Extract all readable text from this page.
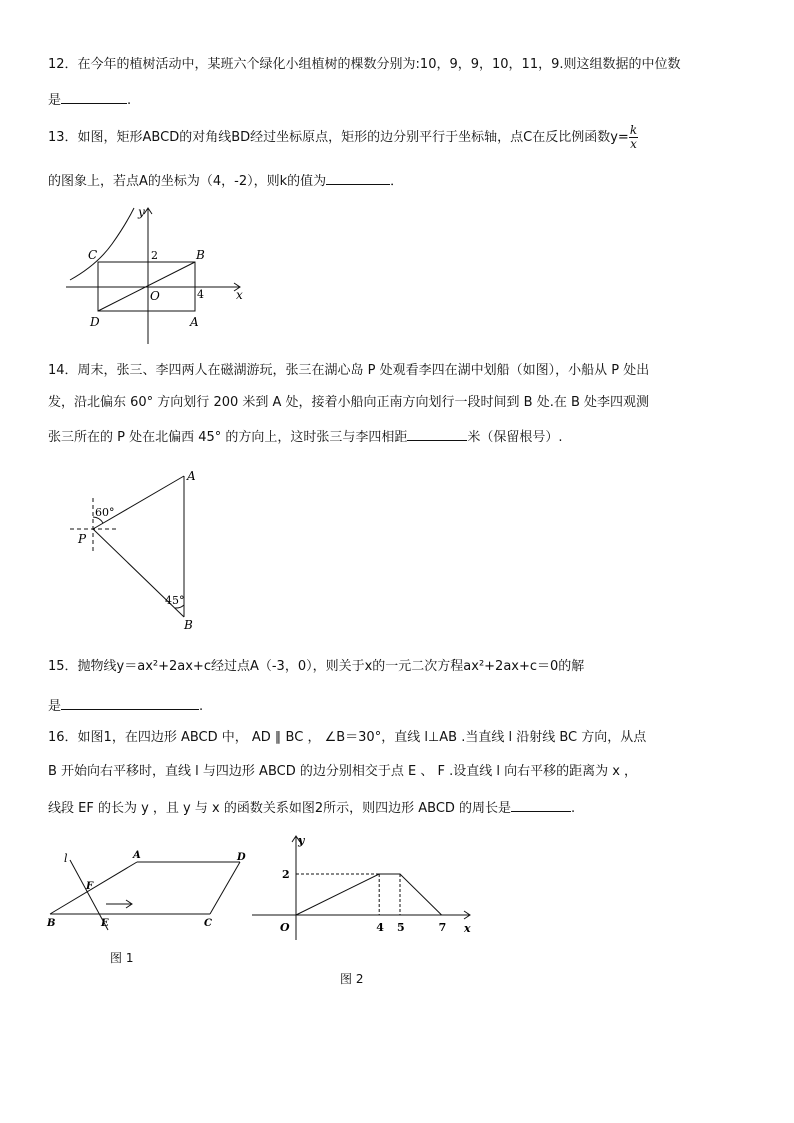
12．在今年的植树活动中，某班六个绿化小组植树的棵数分别为:10，9，9，10，11，9.则这组数据的中位数
是	.
13．如图，矩形ABCD的对角线BD经过坐标原点，矩形的边分别平行于坐标轴，点C在反比例函数$y= \frac{k}{x}$
的图象上，若点A的坐标为（4，-2），则k的值为	．
y
x
O
C	B
D	A
2
4
14．周末，张三、李四两人在磁湖游玩，张三在湖心岛 P 处观看李四在湖中划船（如图），小船从 P 处出
发，沿北偏东 60° 方向划行 200 米到 A 处，接着小船向正南方向划行一段时间到 B 处.在 B 处李四观测
张三所在的 P 处在北偏西 45° 的方向上，这时张三与李四相距	米（保留根号）.
A
B
P
60°
45°
15．抛物线y＝ax²+2ax+c经过点A（-3，0），则关于x的一元二次方程ax²+2ax+c＝0的解
是	.
16．如图1，在四边形 ABCD 中， AD ∥ BC ， ∠B＝30°，直线 l⊥AB .当直线 l 沿射线 BC 方向，从点
B 开始向右平移时，直线 l 与四边形 ABCD 的边分别相交于点 E 、 F .设直线 l 向右平移的距离为 x ，
线段 EF 的长为 y ，且 y 与 x 的函数关系如图2所示，则四边形 ABCD 的周长是	.
l	A	D
F
B	E	C
图 1
4 5	7
2
y
x
O
图 2
